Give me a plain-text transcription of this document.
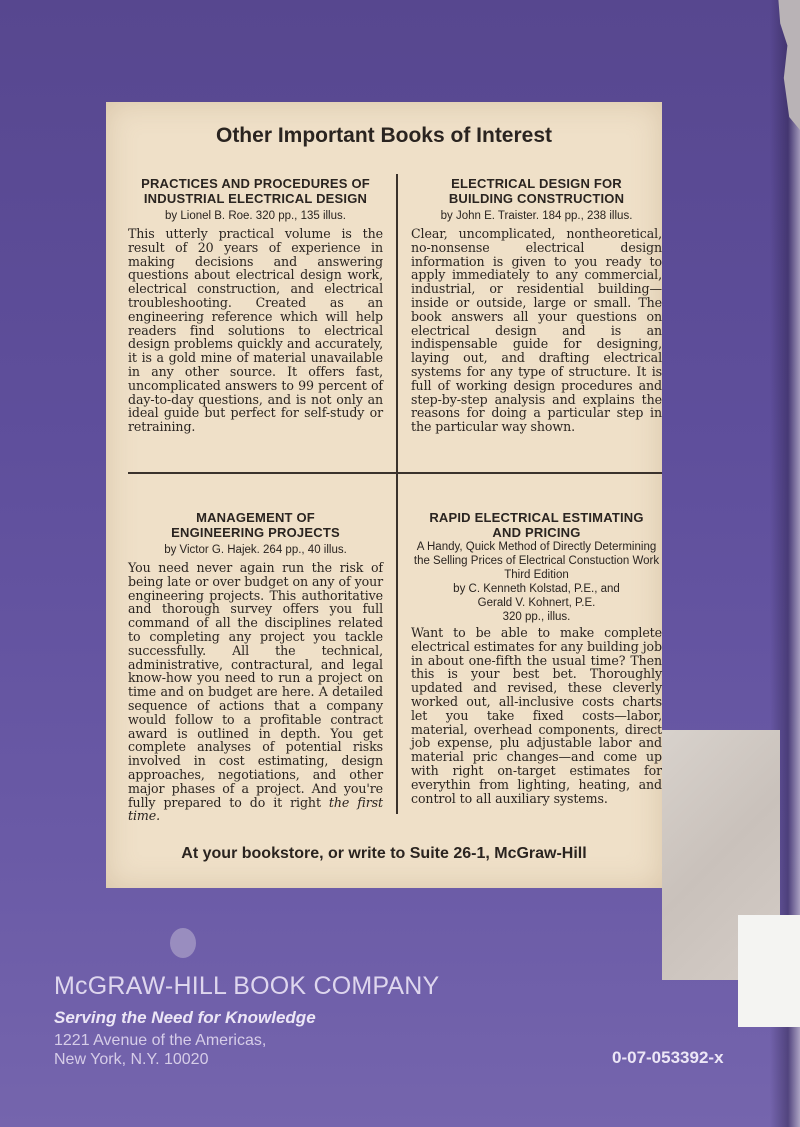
Other Important Books of Interest
PRACTICES AND PROCEDURES OF
INDUSTRIAL ELECTRICAL DESIGN
by Lionel B. Roe. 320 pp., 135 illus.

This utterly practical volume is the result of 20 years of experience in making decisions and answering questions about electrical design work, electrical construction, and electrical troubleshooting. Created as an engineering reference which will help readers find solutions to electrical design problems quickly and accurately, it is a gold mine of material unavailable in any other source. It offers fast, uncomplicated answers to 99 percent of day-to-day questions, and is not only an ideal guide but perfect for self-study or retraining.

ELECTRICAL DESIGN FOR
BUILDING CONSTRUCTION
by John E. Traister. 184 pp., 238 illus.

Clear, uncomplicated, nontheoretical, no-nonsense electrical design information is given to you ready to apply immediately to any commercial, industrial, or residential building—inside or outside, large or small. The book answers all your questions on electrical design and is an indispensable guide for designing, laying out, and drafting electrical systems for any type of structure. It is full of working design procedures and step-by-step analysis and explains the reasons for doing a particular step in the particular way shown.

MANAGEMENT OF
ENGINEERING PROJECTS
by Victor G. Hajek. 264 pp., 40 illus.

You need never again run the risk of being late or over budget on any of your engineering projects. This authoritative and thorough survey offers you full command of all the disciplines related to completing any project you tackle successfully. All the technical, administrative, contractural, and legal know-how you need to run a project on time and on budget are here. A detailed sequence of actions that a company would follow to a profitable contract award is outlined in depth. You get complete analyses of potential risks involved in cost estimating, design approaches, negotiations, and other major phases of a project. And you're fully prepared to do it right the first time.

RAPID ELECTRICAL ESTIMATING
AND PRICING
A Handy, Quick Method of Directly Determining
the Selling Prices of Electrical Constuction Work
Third Edition
by C. Kenneth Kolstad, P.E., and
Gerald V. Kohnert, P.E.
320 pp., illus.

Want to be able to make complete electrical estimates for any building job in about one-fifth the usual time? Then this is your best bet. Thoroughly updated and revised, these cleverly worked out, all-inclusive costs charts let you take fixed costs—labor, material, overhead components, direct job expense, plu adjustable labor and material pric changes—and come up with right on-target estimates for everythin from lighting, heating, and control to all auxiliary systems.

At your bookstore, or write to Suite 26-1, McGraw-Hill
McGRAW-HILL BOOK COMPANY
Serving the Need for Knowledge
1221 Avenue of the Americas,
New York, N.Y. 10020	0-07-053392-x
